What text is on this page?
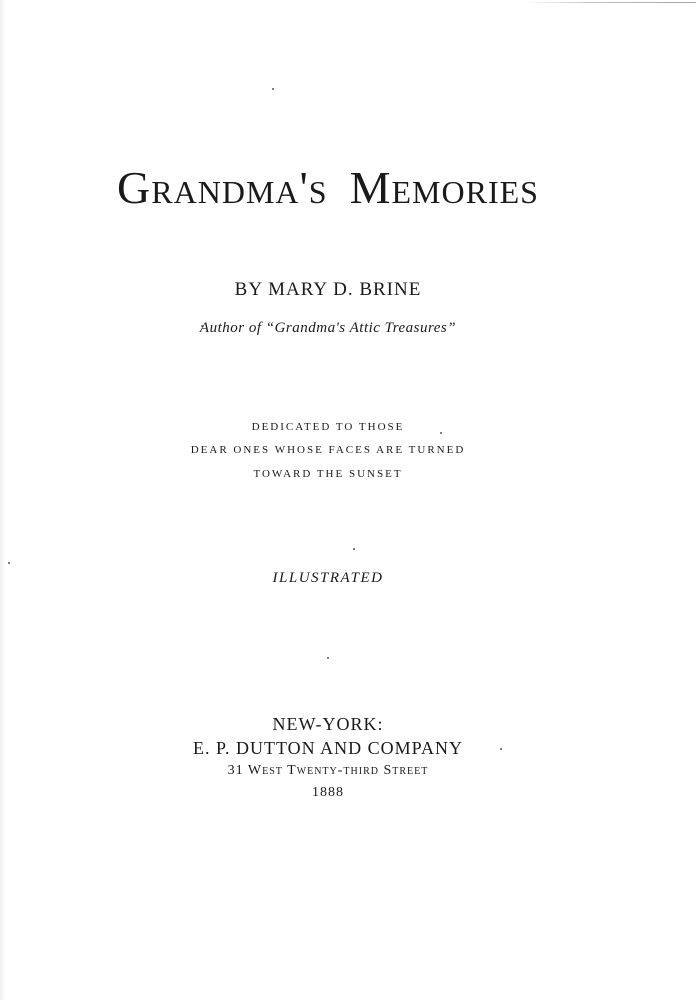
Grandma's Memories
BY MARY D. BRINE
Author of “Grandma's Attic Treasures”
DEDICATED TO THOSE
DEAR ONES WHOSE FACES ARE TURNED
TOWARD THE SUNSET
ILLUSTRATED
NEW-YORK:
E. P. DUTTON AND COMPANY
31 West Twenty-third Street
1888
